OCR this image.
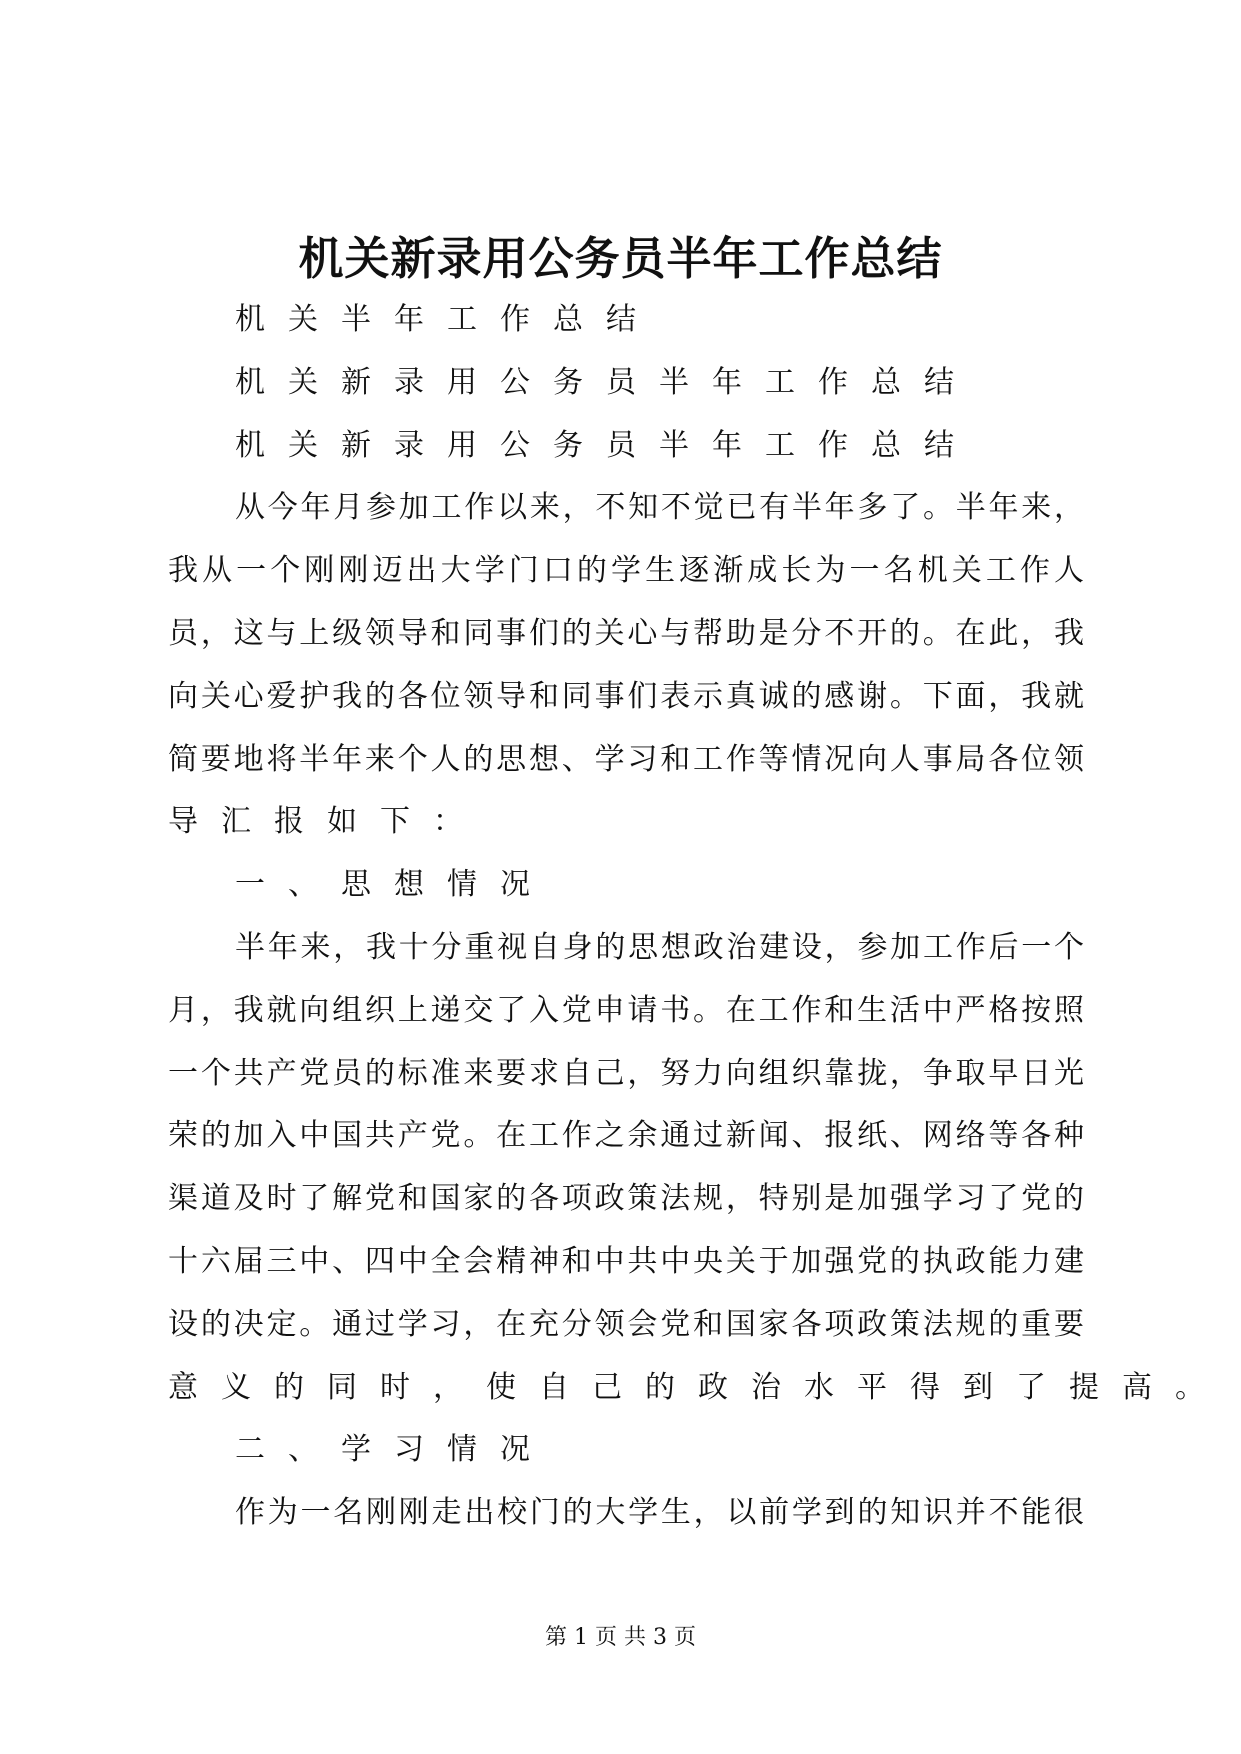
机关新录用公务员半年工作总结
机关半年工作总结
机关新录用公务员半年工作总结
机关新录用公务员半年工作总结
从今年月参加工作以来，不知不觉已有半年多了。半年来，
我从一个刚刚迈出大学门口的学生逐渐成长为一名机关工作人
员，这与上级领导和同事们的关心与帮助是分不开的。在此，我
向关心爱护我的各位领导和同事们表示真诚的感谢。下面，我就
简要地将半年来个人的思想、学习和工作等情况向人事局各位领
导汇报如下：
一、思想情况
半年来，我十分重视自身的思想政治建设，参加工作后一个
月，我就向组织上递交了入党申请书。在工作和生活中严格按照
一个共产党员的标准来要求自己，努力向组织靠拢，争取早日光
荣的加入中国共产党。在工作之余通过新闻、报纸、网络等各种
渠道及时了解党和国家的各项政策法规，特别是加强学习了党的
十六届三中、四中全会精神和中共中央关于加强党的执政能力建
设的决定。通过学习，在充分领会党和国家各项政策法规的重要
意义的同时，使自己的政治水平得到了提高。
二、学习情况
作为一名刚刚走出校门的大学生，以前学到的知识并不能很
第 1 页 共 3 页
